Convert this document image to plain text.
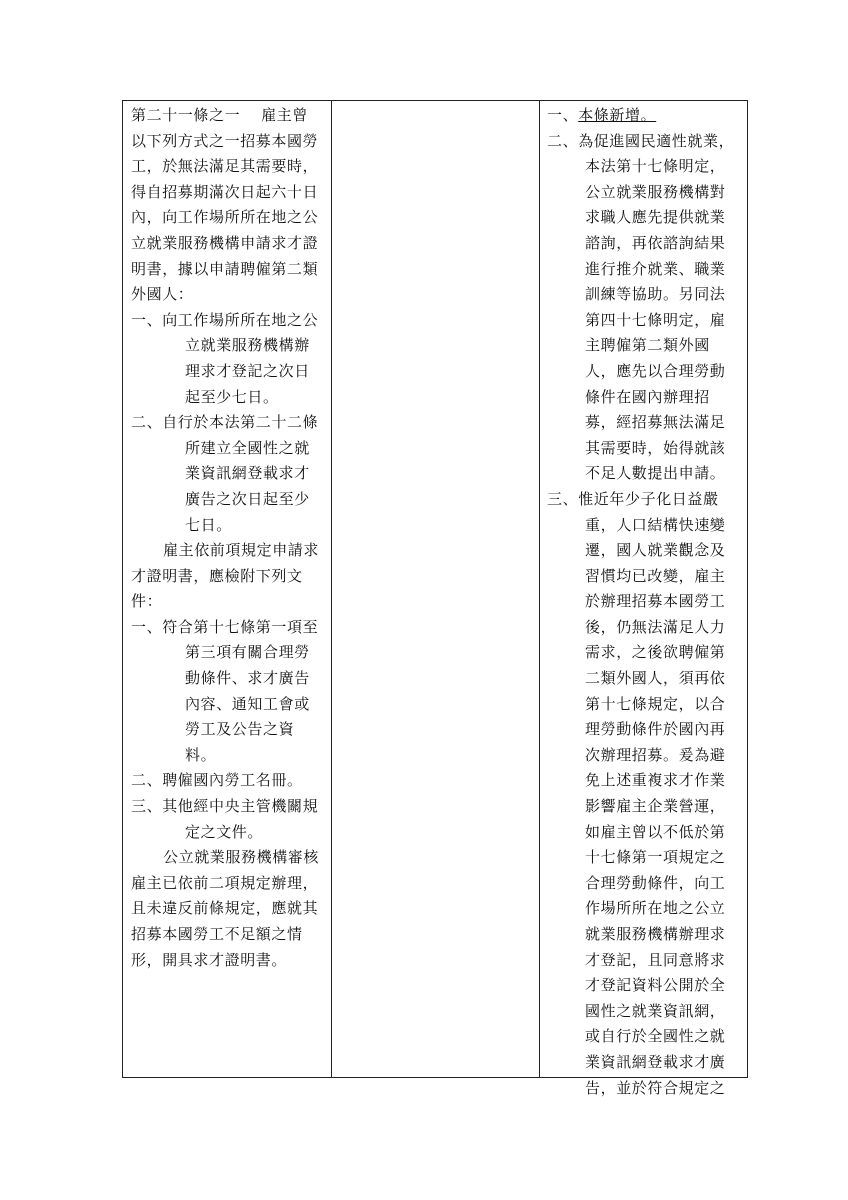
第二十一條之一　 雇主曾以下列方式之一招募本國勞工，於無法滿足其需要時，得自招募期滿次日起六十日內，向工作場所所在地之公立就業服務機構申請求才證明書，據以申請聘僱第二類外國人：

一、向工作場所所在地之公立就業服務機構辦理求才登記之次日起至少七日。

二、自行於本法第二十二條所建立全國性之就業資訊網登載求才廣告之次日起至少七日。

雇主依前項規定申請求才證明書，應檢附下列文件：

一、符合第十七條第一項至第三項有關合理勞動條件、求才廣告內容、通知工會或勞工及公告之資料。

二、聘僱國內勞工名冊。

三、其他經中央主管機關規定之文件。

公立就業服務機構審核雇主已依前二項規定辦理，且未違反前條規定，應就其招募本國勞工不足額之情形，開具求才證明書。

一、本條新增。

二、為促進國民適性就業，本法第十七條明定，公立就業服務機構對求職人應先提供就業諮詢，再依諮詢結果進行推介就業、職業訓練等協助。另同法第四十七條明定，雇主聘僱第二類外國人，應先以合理勞動條件在國內辦理招募，經招募無法滿足其需要時，始得就該不足人數提出申請。

三、惟近年少子化日益嚴重，人口結構快速變遷，國人就業觀念及習慣均已改變，雇主於辦理招募本國勞工後，仍無法滿足人力需求，之後欲聘僱第二類外國人，須再依第十七條規定，以合理勞動條件於國內再次辦理招募。爰為避免上述重複求才作業影響雇主企業營運，如雇主曾以不低於第十七條第一項規定之合理勞動條件，向工作場所所在地之公立就業服務機構辦理求才登記，且同意將求才登記資料公開於全國性之就業資訊網，或自行於全國性之就業資訊網登載求才廣告，並於符合規定之
